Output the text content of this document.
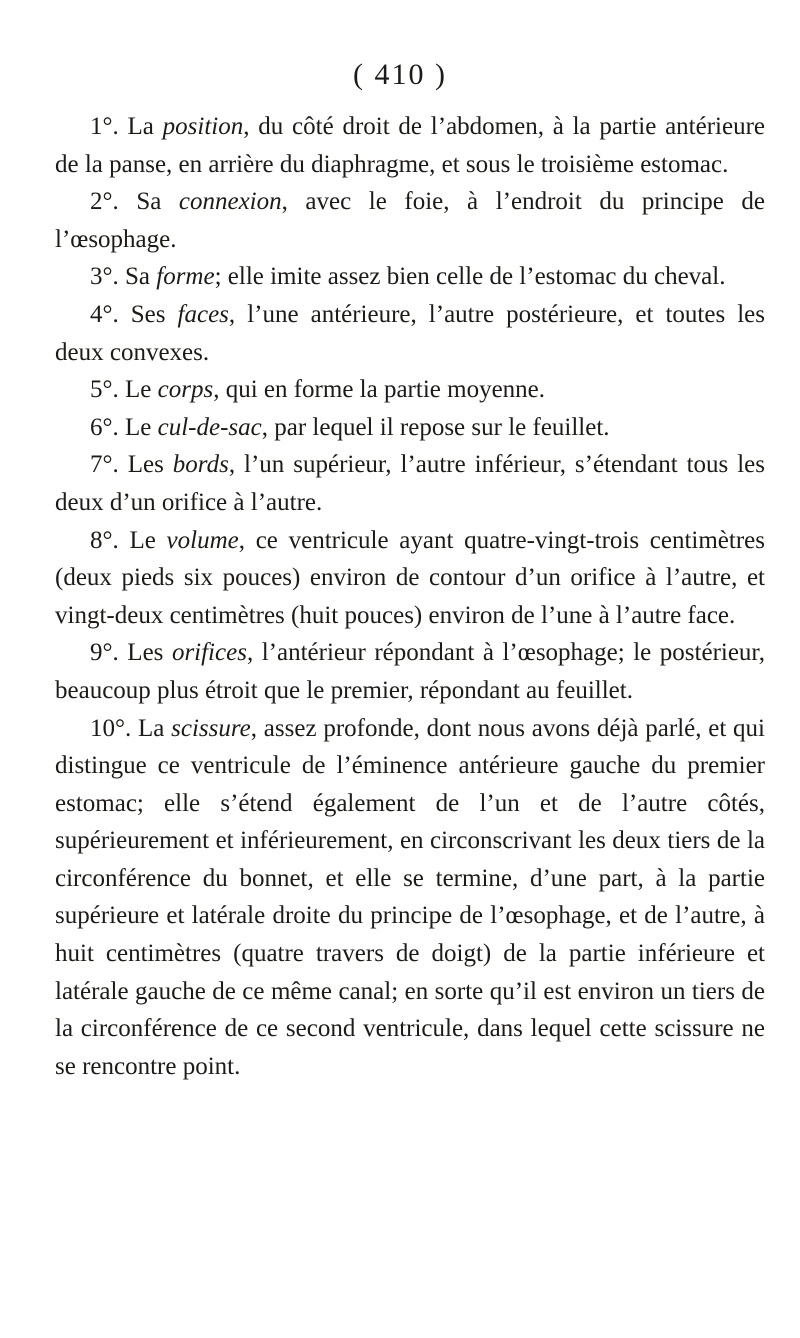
( 410 )

1°. La position, du côté droit de l’abdomen, à la partie antérieure de la panse, en arrière du diaphragme, et sous le troisième estomac.

2°. Sa connexion, avec le foie, à l’endroit du principe de l’œsophage.

3°. Sa forme; elle imite assez bien celle de l’estomac du cheval.

4°. Ses faces, l’une antérieure, l’autre postérieure, et toutes les deux convexes.

5°. Le corps, qui en forme la partie moyenne.

6°. Le cul-de-sac, par lequel il repose sur le feuillet.

7°. Les bords, l’un supérieur, l’autre inférieur, s’étendant tous les deux d’un orifice à l’autre.

8°. Le volume, ce ventricule ayant quatre-vingt-trois centimètres (deux pieds six pouces) environ de contour d’un orifice à l’autre, et vingt-deux centimètres (huit pouces) environ de l’une à l’autre face.

9°. Les orifices, l’antérieur répondant à l’œsophage; le postérieur, beaucoup plus étroit que le premier, répondant au feuillet.

10°. La scissure, assez profonde, dont nous avons déjà parlé, et qui distingue ce ventricule de l’éminence antérieure gauche du premier estomac; elle s’étend également de l’un et de l’autre côtés, supérieurement et inférieurement, en circonscrivant les deux tiers de la circonférence du bonnet, et elle se termine, d’une part, à la partie supérieure et latérale droite du principe de l’œsophage, et de l’autre, à huit centimètres (quatre travers de doigt) de la partie inférieure et latérale gauche de ce même canal; en sorte qu’il est environ un tiers de la circonférence de ce second ventricule, dans lequel cette scissure ne se rencontre point.
